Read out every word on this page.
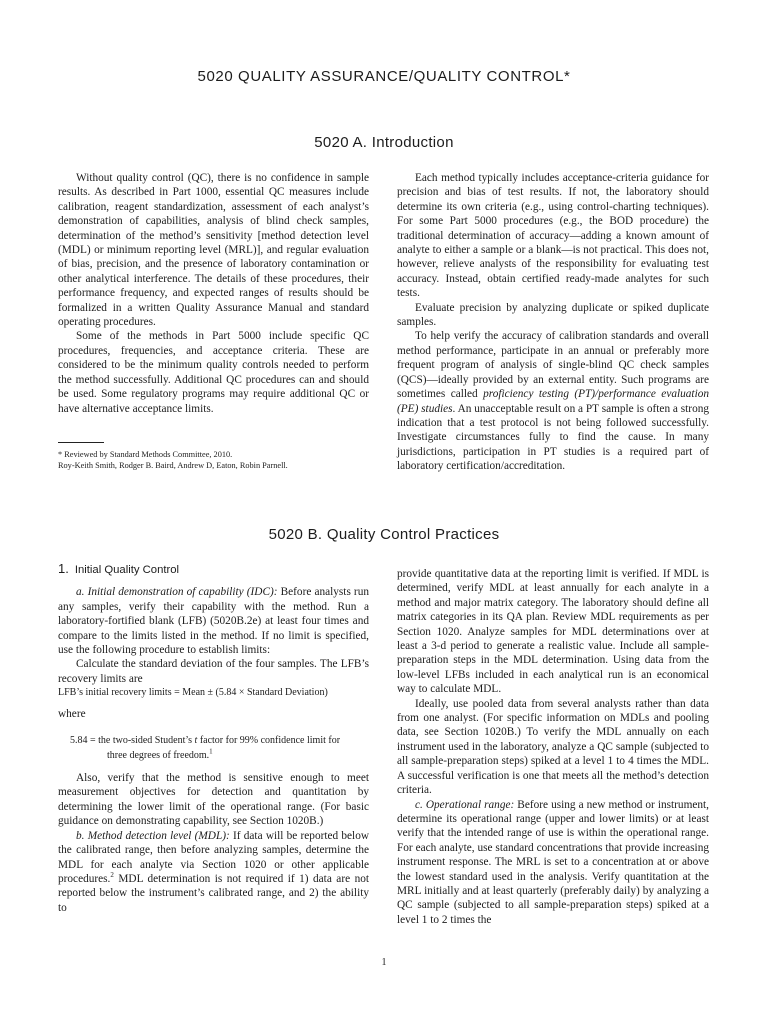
5020 QUALITY ASSURANCE/QUALITY CONTROL*
5020 A. Introduction

Without quality control (QC), there is no confidence in sample results. As described in Part 1000, essential QC measures include calibration, reagent standardization, assessment of each analyst’s demonstration of capabilities, analysis of blind check samples, determination of the method’s sensitivity [method detection level (MDL) or minimum reporting level (MRL)], and regular evaluation of bias, precision, and the presence of laboratory contamination or other analytical interference. The details of these procedures, their performance frequency, and expected ranges of results should be formalized in a written Quality Assurance Manual and standard operating procedures.

Some of the methods in Part 5000 include specific QC procedures, frequencies, and acceptance criteria. These are considered to be the minimum quality controls needed to perform the method successfully. Additional QC procedures can and should be used. Some regulatory programs may require additional QC or have alternative acceptance limits.

Each method typically includes acceptance-criteria guidance for precision and bias of test results. If not, the laboratory should determine its own criteria (e.g., using control-charting techniques). For some Part 5000 procedures (e.g., the BOD procedure) the traditional determination of accuracy—adding a known amount of analyte to either a sample or a blank—is not practical. This does not, however, relieve analysts of the responsibility for evaluating test accuracy. Instead, obtain certified ready-made analytes for such tests.

Evaluate precision by analyzing duplicate or spiked duplicate samples.

To help verify the accuracy of calibration standards and overall method performance, participate in an annual or preferably more frequent program of analysis of single-blind QC check samples (QCS)—ideally provided by an external entity. Such programs are sometimes called proficiency testing (PT)/performance evaluation (PE) studies. An unacceptable result on a PT sample is often a strong indication that a test protocol is not being followed successfully. Investigate circumstances fully to find the cause. In many jurisdictions, participation in PT studies is a required part of laboratory certification/accreditation.

* Reviewed by Standard Methods Committee, 2010.
Roy-Keith Smith, Rodger B. Baird, Andrew D, Eaton, Robin Parnell.
5020 B. Quality Control Practices
1. Initial Quality Control

a. Initial demonstration of capability (IDC): Before analysts run any samples, verify their capability with the method. Run a laboratory-fortified blank (LFB) (5020B.2e) at least four times and compare to the limits listed in the method. If no limit is specified, use the following procedure to establish limits:

Calculate the standard deviation of the four samples. The LFB’s recovery limits are

LFB’s initial recovery limits = Mean ± (5.84 × Standard Deviation)

where

5.84 = the two-sided Student’s t factor for 99% confidence limit for
three degrees of freedom.$^1$

Also, verify that the method is sensitive enough to meet measurement objectives for detection and quantitation by determining the lower limit of the operational range. (For basic guidance on demonstrating capability, see Section 1020B.)

b. Method detection level (MDL): If data will be reported below the calibrated range, then before analyzing samples, determine the MDL for each analyte via Section 1020 or other applicable procedures.$^2$ MDL determination is not required if 1) data are not reported below the instrument’s calibrated range, and 2) the ability to

provide quantitative data at the reporting limit is verified. If MDL is determined, verify MDL at least annually for each analyte in a method and major matrix category. The laboratory should define all matrix categories in its QA plan. Review MDL requirements as per Section 1020. Analyze samples for MDL determinations over at least a 3-d period to generate a realistic value. Include all sample-preparation steps in the MDL determination. Using data from the low-level LFBs included in each analytical run is an economical way to calculate MDL.

Ideally, use pooled data from several analysts rather than data from one analyst. (For specific information on MDLs and pooling data, see Section 1020B.) To verify the MDL annually on each instrument used in the laboratory, analyze a QC sample (subjected to all sample-preparation steps) spiked at a level 1 to 4 times the MDL. A successful verification is one that meets all the method’s detection criteria.

c. Operational range: Before using a new method or instrument, determine its operational range (upper and lower limits) or at least verify that the intended range of use is within the operational range. For each analyte, use standard concentrations that provide increasing instrument response. The MRL is set to a concentration at or above the lowest standard used in the analysis. Verify quantitation at the MRL initially and at least quarterly (preferably daily) by analyzing a QC sample (subjected to all sample-preparation steps) spiked at a level 1 to 2 times the

1
